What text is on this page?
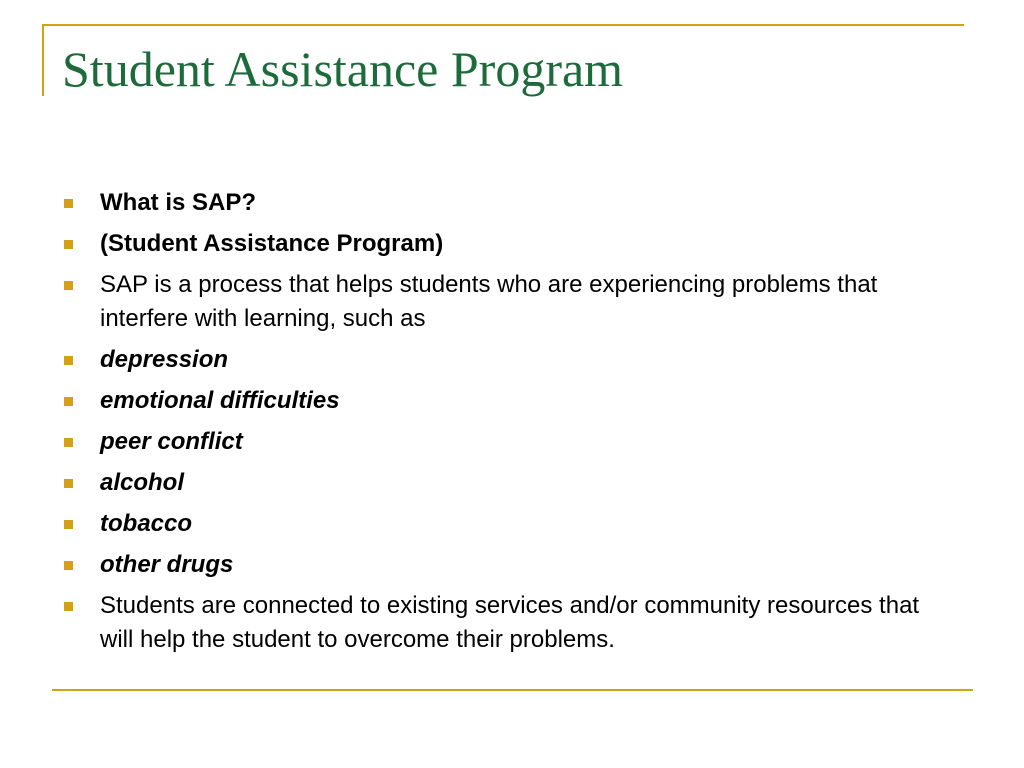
Student Assistance Program
What is SAP?
(Student Assistance Program)
SAP is a process that helps students who are experiencing problems that interfere with learning, such as
depression
emotional difficulties
peer conflict
alcohol
tobacco
other drugs
Students are connected to existing services and/or community resources that will help the student to overcome their problems.
